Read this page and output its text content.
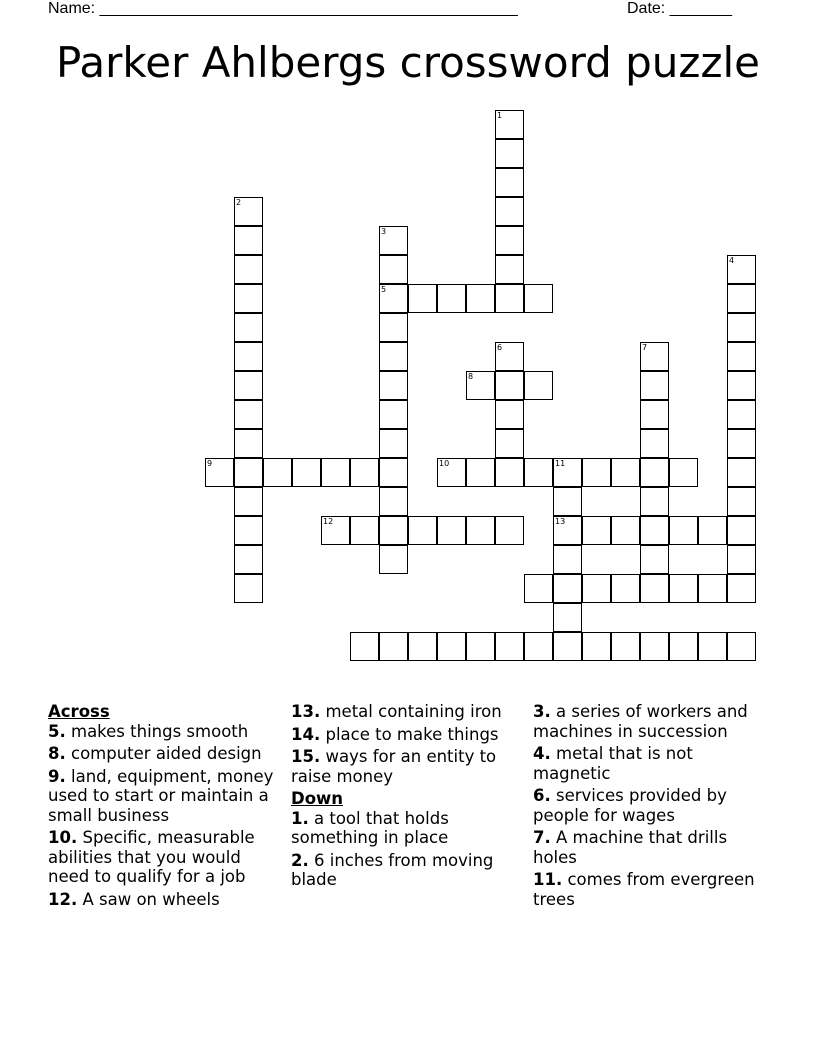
Name: _______________________________________________	Date: _______
Parker Ahlbergs crossword puzzle
1
2
3
5
4
6
8
7
9	10	11
13
12
Across
5. makes things smooth
8. computer aided design
9. land, equipment, money used to start or maintain a small business
10. Specific, measurable abilities that you would need to qualify for a job
12. A saw on wheels
13. metal containing iron
14. place to make things
15. ways for an entity to raise money
Down
1. a tool that holds something in place
2. 6 inches from moving blade
3. a series of workers and machines in succession
4. metal that is not magnetic
6. services provided by people for wages
7. A machine that drills holes
11. comes from evergreen trees
